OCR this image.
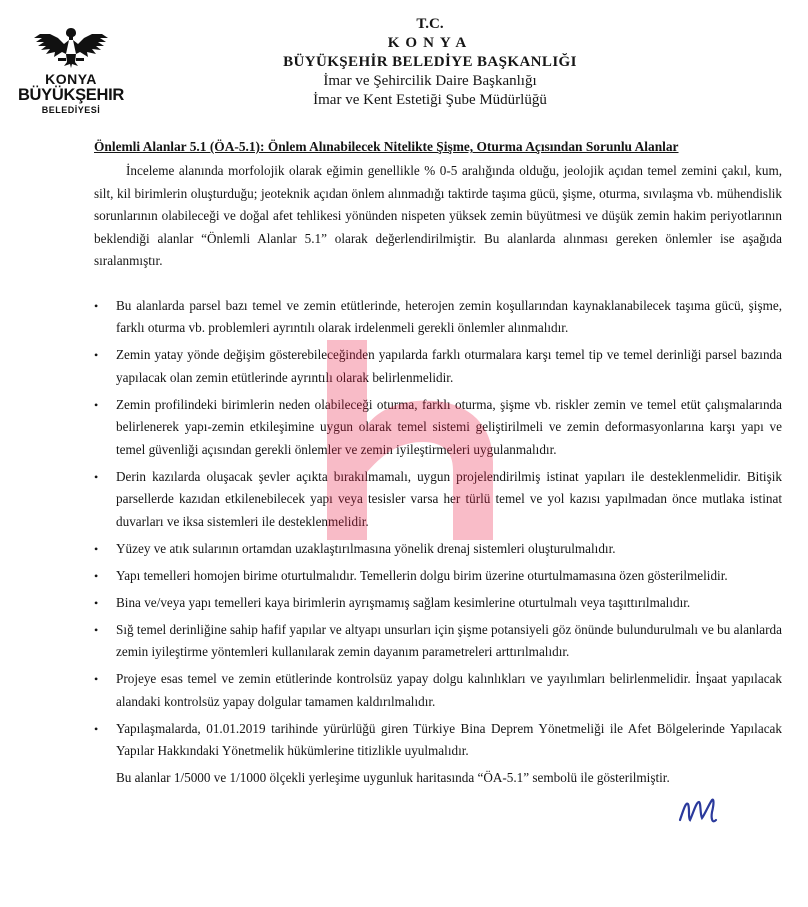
KONYA
BÜYÜKŞEHIR
BELEDİYESİ
T.C.
KONYA
BÜYÜKŞEHİR BELEDİYE BAŞKANLIĞI
İmar ve Şehircilik Daire Başkanlığı
İmar ve Kent Estetiği Şube Müdürlüğü

Önlemli Alanlar 5.1 (ÖA-5.1): Önlem Alınabilecek Nitelikte Şişme, Oturma Açısından Sorunlu Alanlar

İnceleme alanında morfolojik olarak eğimin genellikle % 0-5 aralığında olduğu, jeolojik açıdan temel zemini çakıl, kum, silt, kil birimlerin oluşturduğu; jeoteknik açıdan önlem alınmadığı taktirde taşıma gücü, şişme, oturma, sıvılaşma vb. mühendislik sorunlarının olabileceği ve doğal afet tehlikesi yönünden nispeten yüksek zemin büyütmesi ve düşük zemin hakim periyotlarının beklendiği alanlar “Önlemli Alanlar 5.1” olarak değerlendirilmiştir. Bu alanlarda alınması gereken önlemler ise aşağıda sıralanmıştır.

• Bu alanlarda parsel bazı temel ve zemin etütlerinde, heterojen zemin koşullarından kaynaklanabilecek taşıma gücü, şişme, farklı oturma vb. problemleri ayrıntılı olarak irdelenmeli gerekli önlemler alınmalıdır.
• Zemin yatay yönde değişim gösterebileceğinden yapılarda farklı oturmalara karşı temel tip ve temel derinliği parsel bazında yapılacak olan zemin etütlerinde ayrıntılı olarak belirlenmelidir.
• Zemin profilindeki birimlerin neden olabileceği oturma, farklı oturma, şişme vb. riskler zemin ve temel etüt çalışmalarında belirlenerek yapı-zemin etkileşimine uygun olarak temel sistemi geliştirilmeli ve zemin deformasyonlarına karşı yapı ve temel güvenliği açısından gerekli önlemler ve zemin iyileştirmeleri uygulanmalıdır.
• Derin kazılarda oluşacak şevler açıkta bırakılmamalı, uygun projelendirilmiş istinat yapıları ile desteklenmelidir. Bitişik parsellerde kazıdan etkilenebilecek yapı veya tesisler varsa her türlü temel ve yol kazısı yapılmadan önce mutlaka istinat duvarları ve iksa sistemleri ile desteklenmelidir.
• Yüzey ve atık sularının ortamdan uzaklaştırılmasına yönelik drenaj sistemleri oluşturulmalıdır.
• Yapı temelleri homojen birime oturtulmalıdır. Temellerin dolgu birim üzerine oturtulmamasına özen gösterilmelidir.
• Bina ve/veya yapı temelleri kaya birimlerin ayrışmamış sağlam kesimlerine oturtulmalı veya taşıttırılmalıdır.
• Sığ temel derinliğine sahip hafif yapılar ve altyapı unsurları için şişme potansiyeli göz önünde bulundurulmalı ve bu alanlarda zemin iyileştirme yöntemleri kullanılarak zemin dayanım parametreleri arttırılmalıdır.
• Projeye esas temel ve zemin etütlerinde kontrolsüz yapay dolgu kalınlıkları ve yayılımları belirlenmelidir. İnşaat yapılacak alandaki kontrolsüz yapay dolgular tamamen kaldırılmalıdır.
• Yapılaşmalarda, 01.01.2019 tarihinde yürürlüğü giren Türkiye Bina Deprem Yönetmeliği ile Afet Bölgelerinde Yapılacak Yapılar Hakkındaki Yönetmelik hükümlerine titizlikle uyulmalıdır.

Bu alanlar 1/5000 ve 1/1000 ölçekli yerleşime uygunluk haritasında “ÖA-5.1” sembolü ile gösterilmiştir.
